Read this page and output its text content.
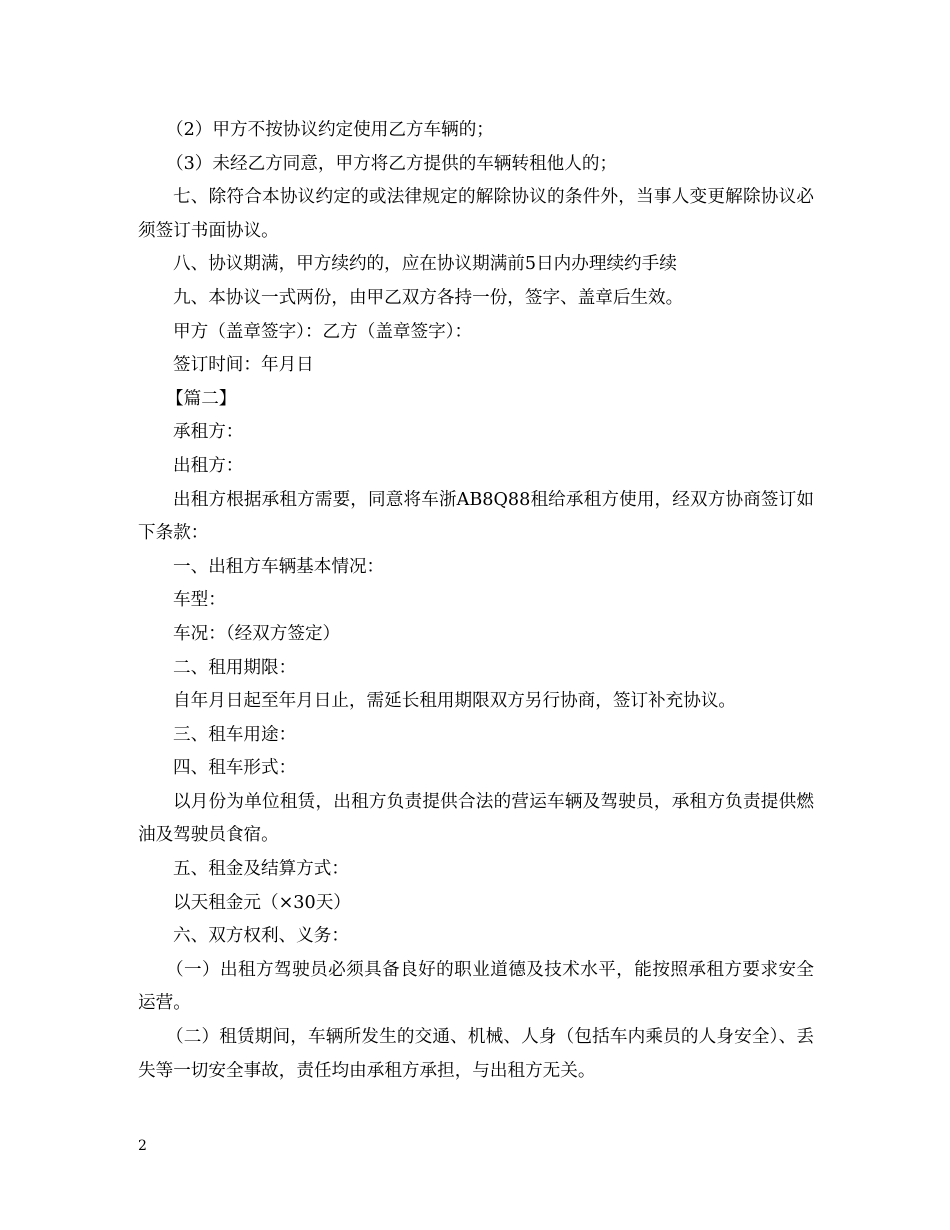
（2）甲方不按协议约定使用乙方车辆的；

（3）未经乙方同意，甲方将乙方提供的车辆转租他人的；

七、除符合本协议约定的或法律规定的解除协议的条件外，当事人变更解除协议必须签订书面协议。

八、协议期满，甲方续约的，应在协议期满前5日内办理续约手续

九、本协议一式两份，由甲乙双方各持一份，签字、盖章后生效。

甲方（盖章签字）：乙方（盖章签字）：

签订时间：年月日

【篇二】

承租方：

出租方：

出租方根据承租方需要，同意将车浙AB8Q88租给承租方使用，经双方协商签订如下条款：

一、出租方车辆基本情况：

车型：

车况：（经双方签定）

二、租用期限：

自年月日起至年月日止，需延长租用期限双方另行协商，签订补充协议。

三、租车用途：

四、租车形式：

以月份为单位租赁，出租方负责提供合法的营运车辆及驾驶员，承租方负责提供燃油及驾驶员食宿。

五、租金及结算方式：

以天租金元（×30天）

六、双方权利、义务：

（一）出租方驾驶员必须具备良好的职业道德及技术水平，能按照承租方要求安全运营。

（二）租赁期间，车辆所发生的交通、机械、人身（包括车内乘员的人身安全）、丢失等一切安全事故，责任均由承租方承担，与出租方无关。

2
